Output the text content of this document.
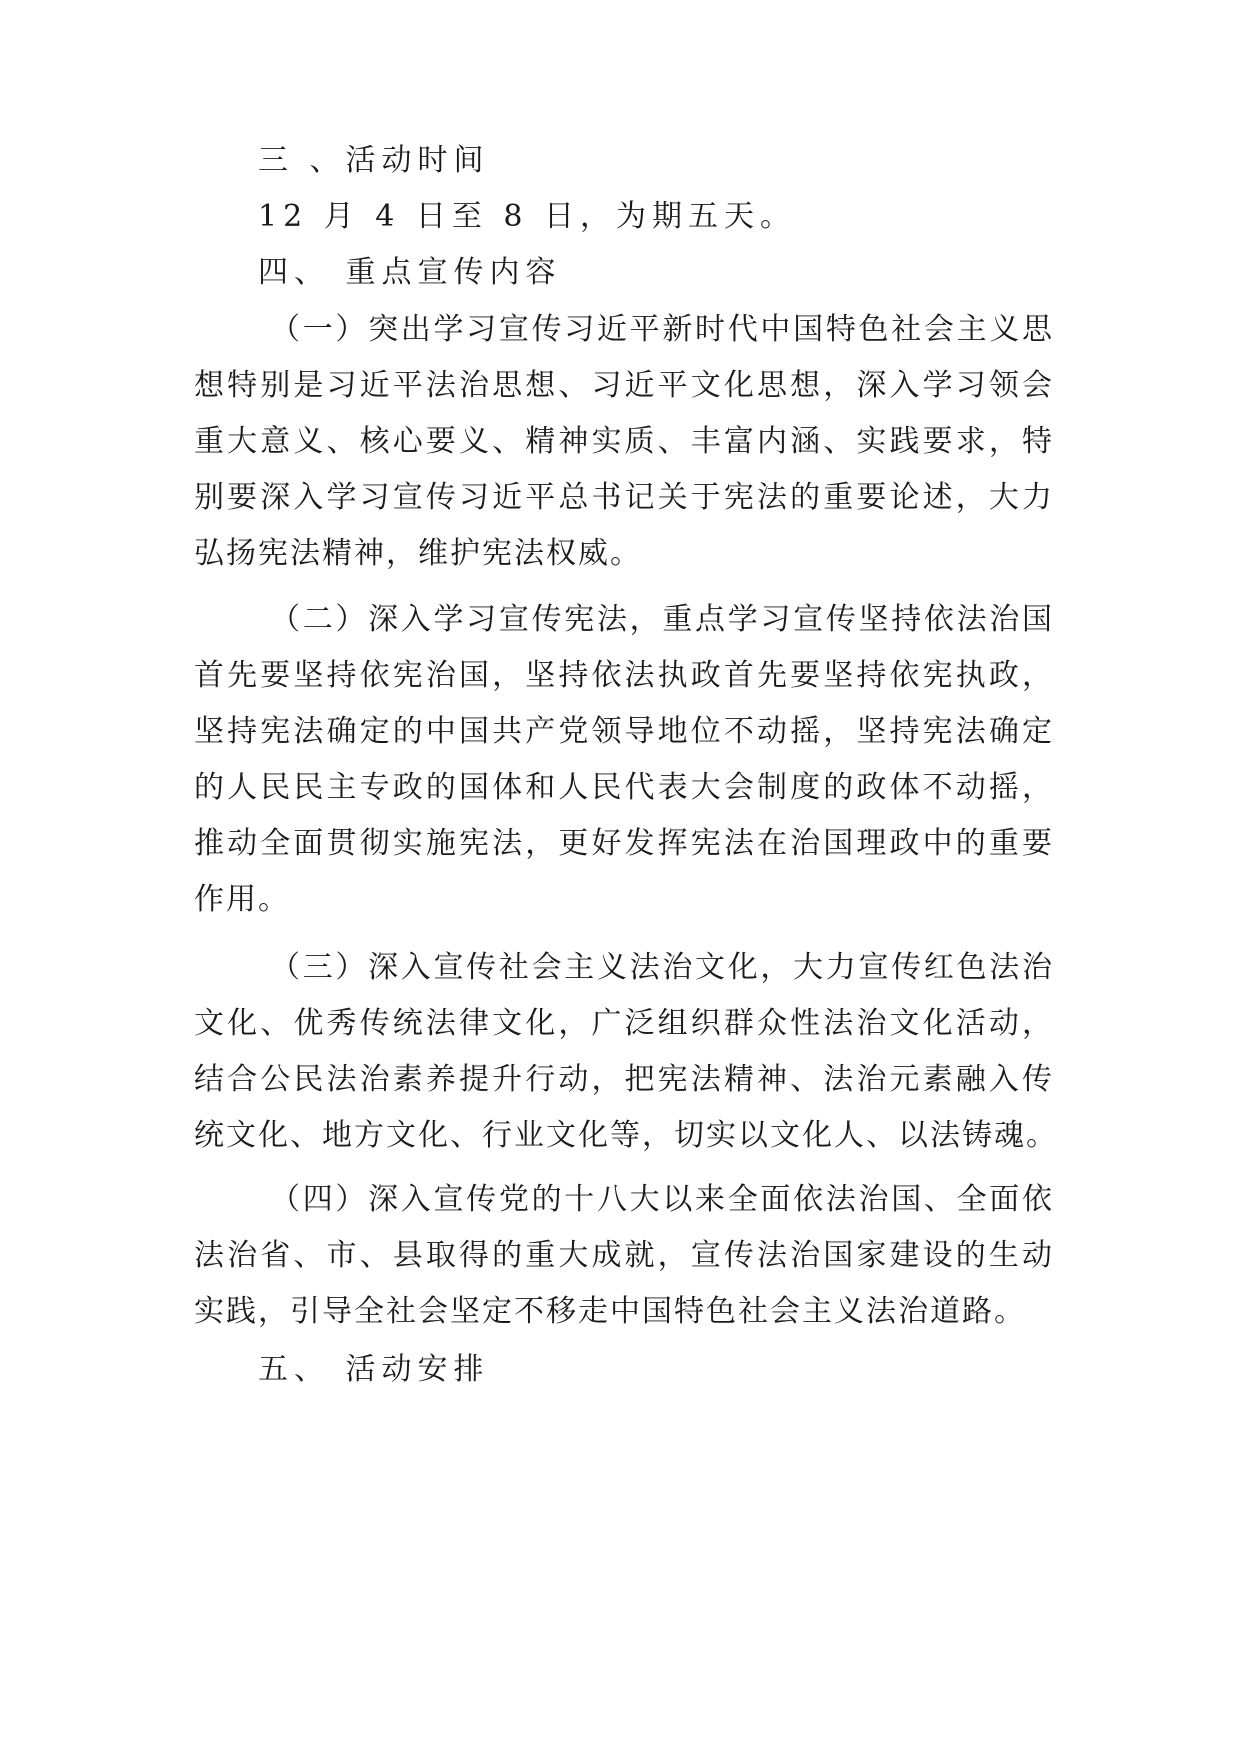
三 、活动时间
12 月 4 日至 8 日，为期五天。
四、 重点宣传内容
（一）突出学习宣传习近平新时代中国特色社会主义思
想特别是习近平法治思想、习近平文化思想，深入学习领会
重大意义、核心要义、精神实质、丰富内涵、实践要求，特
别要深入学习宣传习近平总书记关于宪法的重要论述，大力
弘扬宪法精神，维护宪法权威。
（二）深入学习宣传宪法，重点学习宣传坚持依法治国
首先要坚持依宪治国，坚持依法执政首先要坚持依宪执政，
坚持宪法确定的中国共产党领导地位不动摇，坚持宪法确定
的人民民主专政的国体和人民代表大会制度的政体不动摇，
推动全面贯彻实施宪法，更好发挥宪法在治国理政中的重要
作用。
（三）深入宣传社会主义法治文化，大力宣传红色法治
文化、优秀传统法律文化，广泛组织群众性法治文化活动，
结合公民法治素养提升行动，把宪法精神、法治元素融入传
统文化、地方文化、行业文化等，切实以文化人、以法铸魂。
（四）深入宣传党的十八大以来全面依法治国、全面依
法治省、市、县取得的重大成就，宣传法治国家建设的生动
实践，引导全社会坚定不移走中国特色社会主义法治道路。
五、 活动安排
